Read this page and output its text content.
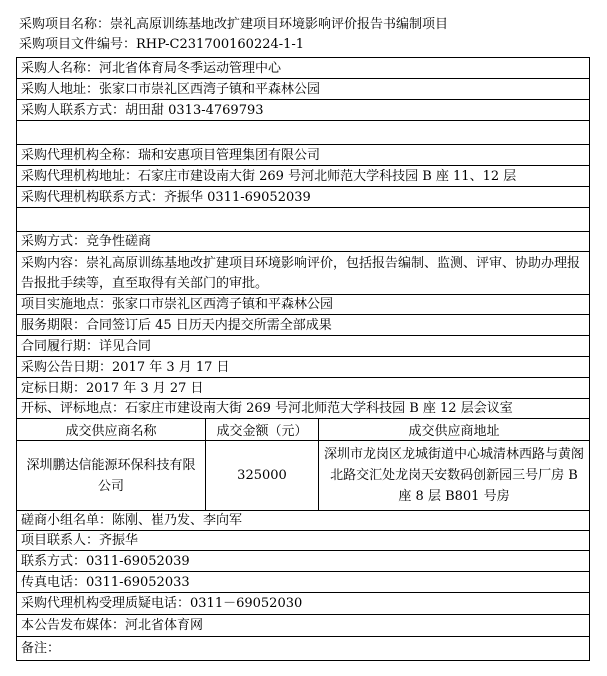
采购项目名称：崇礼高原训练基地改扩建项目环境影响评价报告书编制项目
采购项目文件编号：RHP-C231700160224-1-1
采购人名称：河北省体育局冬季运动管理中心
采购人地址：张家口市崇礼区西湾子镇和平森林公园
采购人联系方式：胡田甜 0313-4769793
采购代理机构全称：瑞和安惠项目管理集团有限公司
采购代理机构地址：石家庄市建设南大街 269 号河北师范大学科技园 B 座 11、12 层
采购代理机构联系方式：齐振华 0311-69052039
采购方式：竞争性磋商
采购内容：崇礼高原训练基地改扩建项目环境影响评价，包括报告编制、监测、评审、协助办理报告报批手续等，直至取得有关部门的审批。
项目实施地点：张家口市崇礼区西湾子镇和平森林公园
服务期限：合同签订后 45 日历天内提交所需全部成果
合同履行期：详见合同
采购公告日期：2017 年 3 月 17 日
定标日期：2017 年 3 月 27 日
开标、评标地点：石家庄市建设南大街 269 号河北师范大学科技园 B 座 12 层会议室
成交供应商名称	成交金额（元）	成交供应商地址
深圳鹏达信能源环保科技有限公司
325000
深圳市龙岗区龙城街道中心城清林西路与黄阁北路交汇处龙岗天安数码创新园三号厂房 B 座 8 层 B801 号房
磋商小组名单：陈刚、崔乃发、李向军
项目联系人：齐振华
联系方式：0311-69052039
传真电话：0311-69052033
采购代理机构受理质疑电话：0311－69052030
本公告发布媒体：河北省体育网
备注：
